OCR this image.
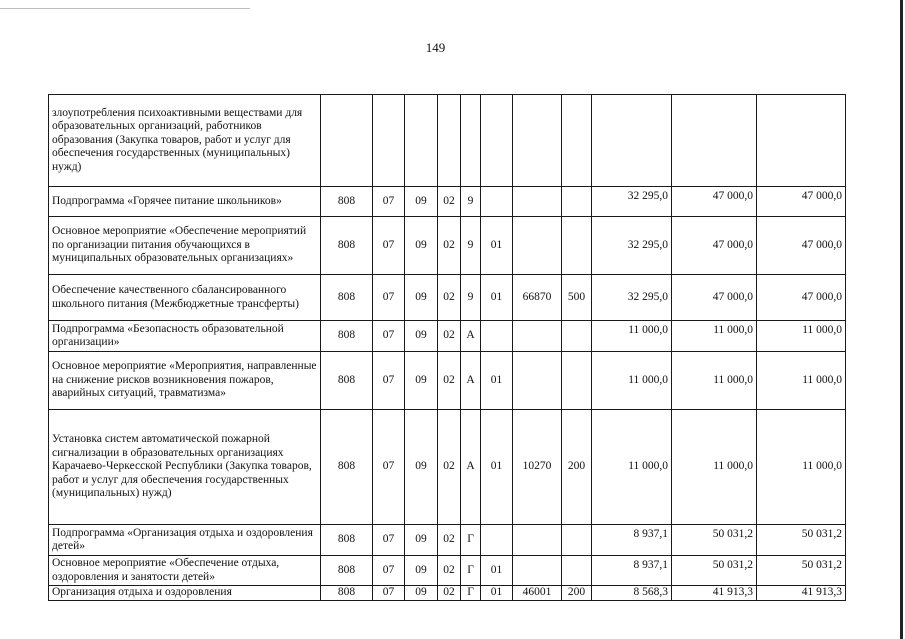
149
злоупотребления психоактивными веществами для образовательных организаций, работников образования (Закупка товаров, работ и услуг для обеспечения государственных (муниципальных) нужд)											
Подпрограмма «Горячее питание школьников»	808	07	09	02	9				32 295,0	47 000,0	47 000,0
Основное мероприятие «Обеспечение мероприятий по организации питания обучающихся в муниципальных образовательных организациях»	808	07	09	02	9	01			32 295,0	47 000,0	47 000,0
Обеспечение качественного сбалансированного школьного питания (Межбюджетные трансферты)	808	07	09	02	9	01	66870	500	32 295,0	47 000,0	47 000,0
Подпрограмма «Безопасность образовательной организации»	808	07	09	02	А				11 000,0	11 000,0	11 000,0
Основное мероприятие «Мероприятия, направленные на снижение рисков возникновения пожаров, аварийных ситуаций, травматизма»	808	07	09	02	А	01			11 000,0	11 000,0	11 000,0
Установка систем автоматической пожарной сигнализации в образовательных организациях Карачаево-Черкесской Республики (Закупка товаров, работ и услуг для обеспечения государственных (муниципальных) нужд)	808	07	09	02	А	01	10270	200	11 000,0	11 000,0	11 000,0
Подпрограмма «Организация отдыха и оздоровления детей»	808	07	09	02	Г				8 937,1	50 031,2	50 031,2
Основное мероприятие «Обеспечение отдыха, оздоровления и занятости детей»	808	07	09	02	Г	01			8 937,1	50 031,2	50 031,2
Организация отдыха и оздоровления	808	07	09	02	Г	01	46001	200	8 568,3	41 913,3	41 913,3
